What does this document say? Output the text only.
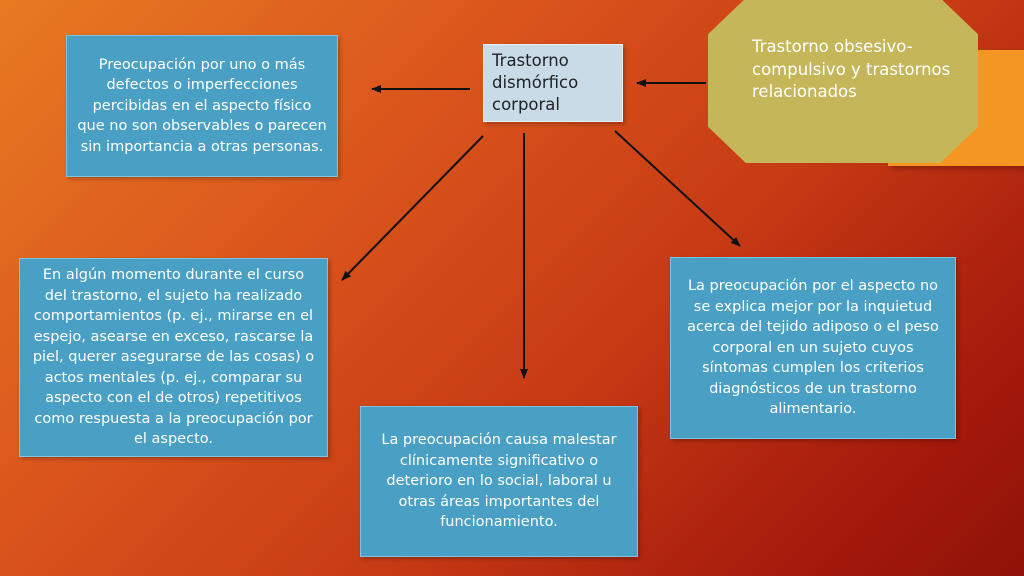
Trastorno obsesivo-compulsivo y trastornos relacionados
Trastorno dismórfico corporal
Preocupación por uno o más defectos o imperfecciones percibidas en el aspecto físico que no son observables o parecen sin importancia a otras personas.
En algún momento durante el curso del trastorno, el sujeto ha realizado comportamientos (p. ej., mirarse en el espejo, asearse en exceso, rascarse la piel, querer asegurarse de las cosas) o actos mentales (p. ej., comparar su aspecto con el de otros) repetitivos como respuesta a la preocupación por el aspecto.	La preocupación causa malestar clínicamente significativo o deterioro en lo social, laboral u otras áreas importantes del funcionamiento.
La preocupación por el aspecto no se explica mejor por la inquietud acerca del tejido adiposo o el peso corporal en un sujeto cuyos síntomas cumplen los criterios diagnósticos de un trastorno alimentario.
